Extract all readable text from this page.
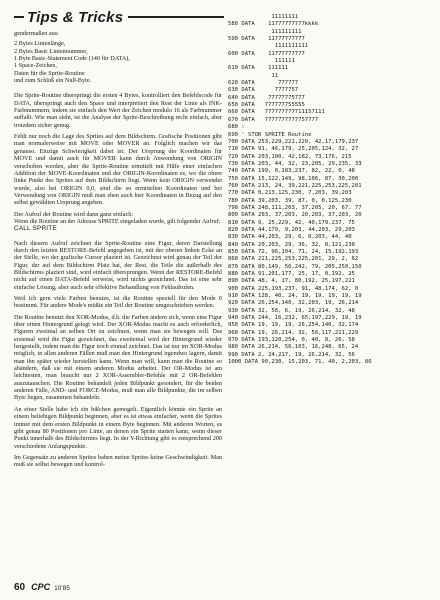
Tips & Tricks
gendermaßen aus:
2 Bytes Linienlänge,
2 Bytes Basic Liniennummer,
1 Byte Basic-Statement Code (140 für DATA),
1 Space-Zeichen,
Daten für die Sprite-Routine
und zum Schluß ein Null-Byte.

Die Sprite-Routine überspringt die ersten 4 Bytes, kontrolliert den Befehlscode für DATA, überspringt auch den Space und interpretiert den Rest der Linie als INK-Farbnummern, indem sie einfach den Wert der Zeichen modulo 16 als Farbnummer auffaßt. Wie man sieht, ist die Analyse der Sprite-Beschreibung recht einfach, aber trotzdem sicher genug.

Fehlt nur noch die Lage des Sprites auf dem Bildschirm. Grafische Positionen gibt man normalerweise mit MOVE oder MOVER an. Folglich machen wir das genauso. Einzige Schwierigkeit dabei ist: Der Ursprung der Koordinaten für MOVE und damit auch für MOVER kann durch Anwendung von ORIGIN verschoben werden, aber die Sprite-Routine ermittelt mit Hilfe einer einfachen Addition der MOVE-Koordinaten und der ORIGIN-Koordinaten es, wo die obere linke Punkt des Sprites auf dem Bildschirm liegt. Wenn kein ORIGIN verwendet wurde, also bei ORIGIN 0,0, sind die so ermittelten Koordinaten und bei Verwendung von ORIGIN muß man eben auch hier Koordinaten in Bezug auf den selbst gewählten Ursprung angeben.

Der Aufruf der Routine wird dann ganz einfach:
Wenn die Routine an der Adresse SPRITE eingeladen wurde, gilt folgender Aufruf:
CALL SPRITE

Nach diesem Aufruf zeichnet die Sprite-Routine eine Figur, deren Darstellung durch den letzten RESTORE-Befehl angegeben ist, mit der oberen linken Ecke an der Stelle, wo der grafische Cursor plaziert ist. Gezeichnet wird genau der Teil der Figur, der auf dem Bildschirm Platz hat, der Rest, die Teile die außerhalb des Bildschirms plaziert sind, wird einfach übersprungen. Wenn der RESTORE-Befehl nicht auf einen DATA-Befehl verweist, wird nichts gezeichnet. Das ist eine sehr einfache Lösung, aber auch sehr effektive Behandlung von Fehlaufrufen.

Weil ich gern viele Farben benutze, ist die Routine speziell für den Mode 0 bestimmt. Für andere Mode's müßte ein Teil der Routine umgeschrieben werden.

Die Routine benutzt den XOR-Modus, d.h. die Farben ändern sich, wenn eine Figur über einen Hintergrund gelegt wird. Der XOR-Modus macht es auch erforderlich, Figuren zweimal an selben Ort zu zeichnen, wenn man sie bewegen will. Das erstemal wird die Figur gezeichnet, das zweitemal wird der Hintergrund wieder hergestellt, indem man die Figur noch einmal zeichnet. Das ist nur im XOR-Modus möglich, in allen anderen Fällen muß man den Hintergrund irgendwo lagern, damit man ihn später wieder herstellen kann. Wenn man will, kann man die Routine so abändern, daß sie mit einem anderen Modus arbeitet. Der OR-Modus ist am leichtesten, man braucht nur 2 XOR-Assembler-Befehle mit 2 OR-Befehlen auszutauschen. Die Routine behandelt jeden Bildpunkt gesondert, für die beiden anderen Fälle, AND- und FORCE-Modus, muß man alle Bildpunkte, die im selben Byte liegen, zusammen behandeln.

An einer Stelle habe ich ein bißchen gemogelt. Eigentlich könnte ein Sprite an einem beliebigen Bildpunkt beginnen, aber es ist etwas einfacher, wenn die Sprites immer mit dem ersten Bildpunkt in einem Byte beginnen. Mit anderen Worten, es gibt genau 80 Positionen pro Linie, an denen ein Sprite starten kann, wenn dieser Punkt innerhalb des Bildschirmes liegt. In der Y-Richtung gibt es entsprechend 200 verschiedene Anfangspunkte.

Im Gegensatz zu anderen Sprites haben meine Sprites keine Geschwindigkeit. Man muß sie selbst bewegen und kontrol-

11111111
580 DATA    11777777777kkkk
111111111
590 DATA    11777777777
1111111111
600 DATA    11777777777
111111
610 DATA    111111
11
620 DATA       777777
630 DATA      7777757
640 DATA    77777775777
650 DATA   777777755555
660 DATA   777777777711157111
670 DATA   7777777777757777
680 :
690 ' STOR SPRITE Routine
700 DATA 253,229,221,229, 42,17,179,237
710 DATA 91, 46,179, 25,205,124, 32, 27
720 DATA 203,100, 42,182, 73,176, 215
730 DATA 203, 44, 32, 23,205, 29,235, 33
740 DATA 199, 0,183,237, 82, 22, 0, 48
750 DATA 15,122,149, 98,106, 87, 30,200
760 DATA 213, 24, 39,221,225,253,225,201
770 DATA 0,213,125,230, 7,203, 39,203
780 DATA 39,203, 39, 87, 0, 0,125,230
790 DATA 248,111,203, 37,205, 20, 67, 77
800 DATA 203, 37,203, 20,203, 37,203, 20
810 DATA 9, 25,229, 42, 40,179,237, 75
820 DATA 44,179, 9,203, 44,203, 29,203
830 DATA 44,203, 29, 6, 0,203, 44, 40
840 DATA 20,203, 29, 36, 32, 8,121,230
850 DATA 72, 96,104, 71, 24, 15,192,193
860 DATA 221,225,253,225,201, 29, 2, 62
870 DATA 80,149, 56,242, 79, 205,250,150
880 DATA 91,201,177, 25, 17, 0,192, 25
890 DATA 48, 4, 17, 80,192, 25,197,221
900 DATA 225,193,237, 91, 48,174, 62, 0
910 DATA 128, 40, 24, 19, 19, 19, 19, 19
920 DATA 26,254,140, 32,203, 19, 26,214
930 DATA 32, 56, 6, 19, 26,214, 32, 48
940 DATA 244, 16,232, 65,197,229, 19, 19
950 DATA 19, 19, 19, 26,254,140, 32,174
960 DATA 19, 26,214, 32, 56,117,221,229
970 DATA 193,120,254, 0, 40, 8, 26, 58
980 DATA 26,214, 56,103, 16,248, 65, 24
990 DATA 2, 24,217, 19, 26,214, 32, 56
1000 DATA 90,230, 15,203, 71, 40, 2,203, 86
60 CPC 10'85
